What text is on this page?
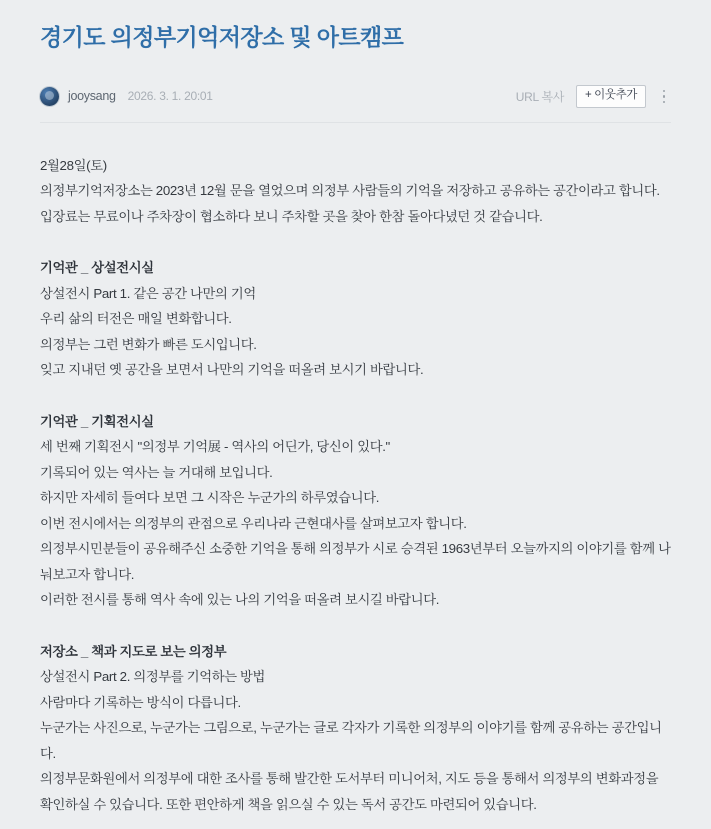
경기도 의정부기억저장소 및 아트캠프
jooysang 2026. 3. 1. 20:01	URL 복사	+ 이웃추가
2월28일(토)
의정부기억저장소는 2023년 12월 문을 열었으며 의정부 사람들의 기억을 저장하고 공유하는 공간이라고 합니다.
입장료는 무료이나 주차장이 협소하다 보니 주차할 곳을 찾아 한참 돌아다녔던 것 같습니다.
기억관 _ 상설전시실
상설전시 Part 1. 같은 공간 나만의 기억
우리 삶의 터전은 매일 변화합니다.
의정부는 그런 변화가 빠른 도시입니다.
잊고 지내던 옛 공간을 보면서 나만의 기억을 떠올려 보시기 바랍니다.
기억관 _ 기획전시실
세 번째 기획전시 "의정부 기억展 - 역사의 어딘가, 당신이 있다."
기록되어 있는 역사는 늘 거대해 보입니다.
하지만 자세히 들여다 보면 그 시작은 누군가의 하루였습니다.
이번 전시에서는 의정부의 관점으로 우리나라 근현대사를 살펴보고자 합니다.
의정부시민분들이 공유해주신 소중한 기억을 통해 의정부가 시로 승격된 1963년부터 오늘까지의 이야기를 함께 나눠보고자 합니다.
이러한 전시를 통해 역사 속에 있는 나의 기억을 떠올려 보시길 바랍니다.
저장소 _ 책과 지도로 보는 의정부
상설전시 Part 2. 의정부를 기억하는 방법
사람마다 기록하는 방식이 다릅니다.
누군가는 사진으로, 누군가는 그림으로, 누군가는 글로 각자가 기록한 의정부의 이야기를 함께 공유하는 공간입니다.
의정부문화원에서 의정부에 대한 조사를 통해 발간한 도서부터 미니어처, 지도 등을 통해서 의정부의 변화과정을 확인하실 수 있습니다. 또한 편안하게 책을 읽으실 수 있는 독서 공간도 마련되어 있습니다.
